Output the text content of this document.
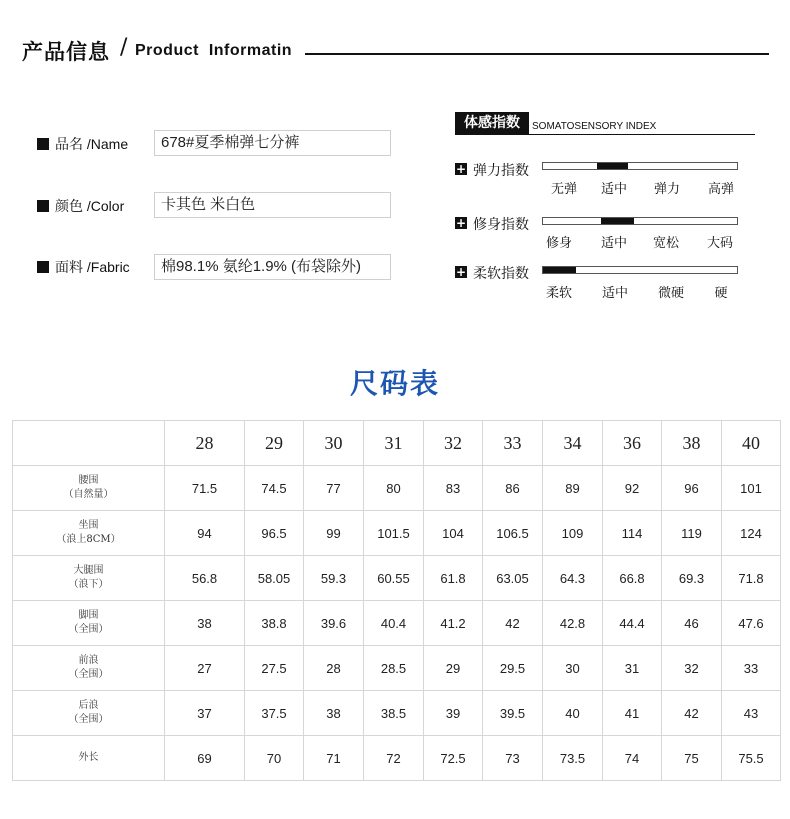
产品信息 / Product  Informatin
品名 /Name	678#夏季棉弹七分裤
颜色 /Color	卡其色 米白色
面料 /Fabric	棉98.1% 氨纶1.9% (布袋除外)
体感指数	SOMATOSENSORY INDEX
+ 弹力指数
无弹	适中	弹力	高弹
+ 修身指数
修身	适中	宽松	大码
+ 柔软指数
柔软	适中	微硬	硬
尺码表
	28	29	30	31	32	33	34	36	38	40

腰围
（自然量）	71.5	74.5	77	80	83	86	89	92	96	101

坐围
（浪上8CM）	94	96.5	99	101.5	104	106.5	109	114	119	124

大腿围
（浪下）	56.8	58.05	59.3	60.55	61.8	63.05	64.3	66.8	69.3	71.8

脚围
（全围）	38	38.8	39.6	40.4	41.2	42	42.8	44.4	46	47.6

前浪
（全围）	27	27.5	28	28.5	29	29.5	30	31	32	33

后浪
（全围）	37	37.5	38	38.5	39	39.5	40	41	42	43

外长	69	70	71	72	72.5	73	73.5	74	75	75.5
